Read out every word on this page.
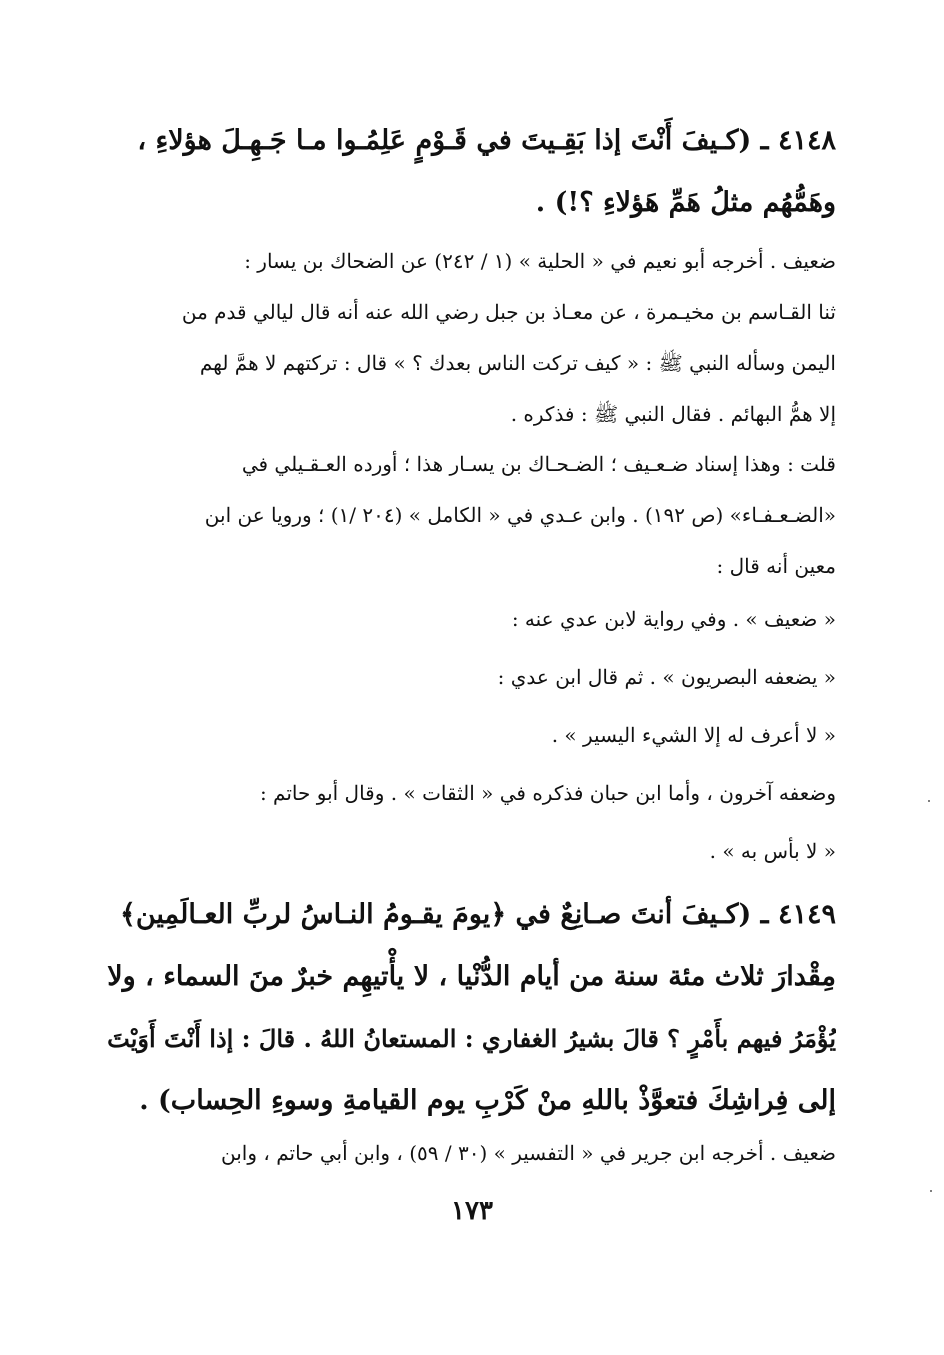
٤١٤٨ ـ (كـيفَ أَنْتَ إذا بَقِـيتَ في قَـوْمٍ عَلِمُـوا مـا جَـهِـلَ هؤلاءِ ،
وهَمُّهُم مثلُ هَمِّ هَؤلاءِ ؟!) .
ضعيف . أخرجه أبو نعيم في « الحلية » (١ / ٢٤٢) عن الضحاك بن يسار :
ثنا القـاسم بن مخيـمرة ، عن معـاذ بن جبل رضي الله عنه أنه قال ليالي قدم من
اليمن وسأله النبي ﷺ : « كيف تركت الناس بعدك ؟ » قال : تركتهم لا همَّ لهم
إلا همُّ البهائم . فقال النبي ﷺ : فذكره .
قلت : وهذا إسناد ضـعـيف ؛ الضـحـاك بن يسـار هذا ؛ أورده العـقـيلي في
«الضـعـفـاء» (ص ١٩٢) . وابن عـدي في « الكامل » (٢٠٤ /١) ؛ ورويا عن ابن
معين أنه قال :
« ضعيف » . وفي رواية لابن عدي عنه :
« يضعفه البصريون » . ثم قال ابن عدي :
« لا أعرف له إلا الشيء اليسير » .
وضعفه آخرون ، وأما ابن حبان فذكره في « الثقات » . وقال أبو حاتم :
« لا بأس به » .
٤١٤٩ ـ (كـيفَ أنتَ صـانِعٌ في ﴿يومَ يقـومُ النـاسُ لربِّ العـالَمِين﴾
مِقْدارَ ثلاث مئة سنة من أيام الدُّنْيا ، لا يأْتيهِم خبرٌ منَ السماء ، ولا
يُؤْمَرُ فيهم بأَمْرٍ ؟ قالَ بشيرُ الغفاري : المستعانُ اللهُ . قالَ : إذا أَنْتَ أَوَيْتَ
إلى فِراشِكَ فتعوَّذْ باللهِ منْ كَرْبِ يوم القيامةِ وسوءِ الحِساب) .
ضعيف . أخرجه ابن جرير في « التفسير » (٣٠ / ٥٩) ، وابن أبي حاتم ، وابن
١٧٣
